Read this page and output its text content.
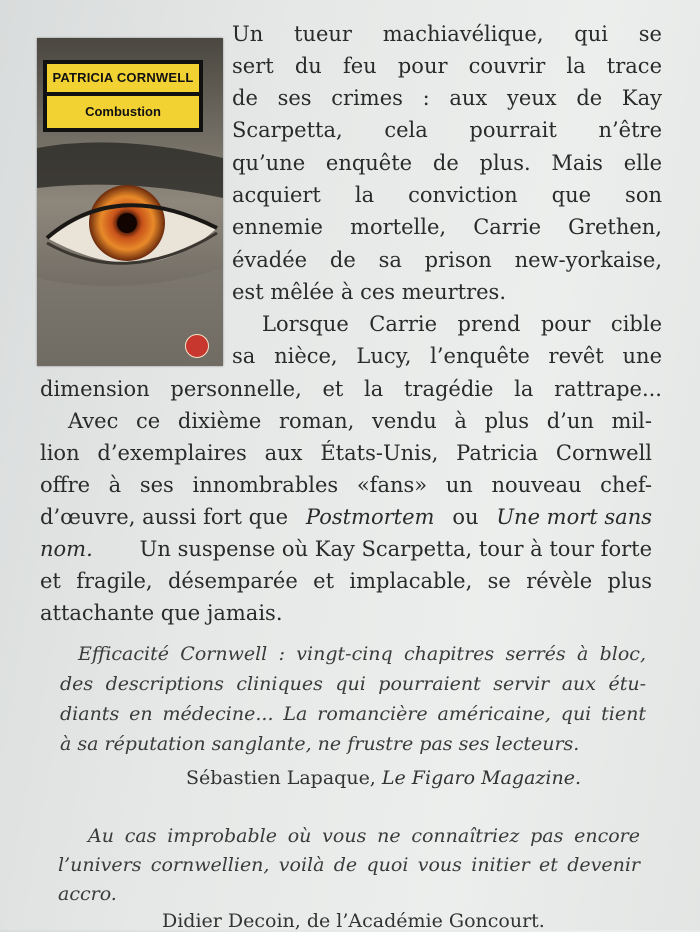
PATRICIA CORNWELL
Combustion
Un tueur machiavélique, qui se
sert du feu pour couvrir la trace
de ses crimes : aux yeux de Kay
Scarpetta, cela pourrait n’être
qu’une enquête de plus. Mais elle
acquiert la conviction que son
ennemie mortelle, Carrie Grethen,
évadée de sa prison new-yorkaise,
est mêlée à ces meurtres.
Lorsque Carrie prend pour cible
sa nièce, Lucy, l’enquête revêt une
dimension personnelle, et la tragédie la rattrape...
Avec ce dixième roman, vendu à plus d’un mil-
lion d’exemplaires aux États-Unis, Patricia Cornwell
offre à ses innombrables «fans» un nouveau chef-
d’œuvre, aussi fort que Postmortem ou Une mort sans
nom.	Un suspense où Kay Scarpetta, tour à tour forte
et fragile, désemparée et implacable, se révèle plus
attachante que jamais.
Efficacité Cornwell : vingt-cinq chapitres serrés à bloc,
des descriptions cliniques qui pourraient servir aux étu-
diants en médecine... La romancière américaine, qui tient
à sa réputation sanglante, ne frustre pas ses lecteurs.
Sébastien Lapaque, Le Figaro Magazine.
Au cas improbable où vous ne connaîtriez pas encore
l’univers cornwellien, voilà de quoi vous initier et devenir
accro.
Didier Decoin, de l’Académie Goncourt.
